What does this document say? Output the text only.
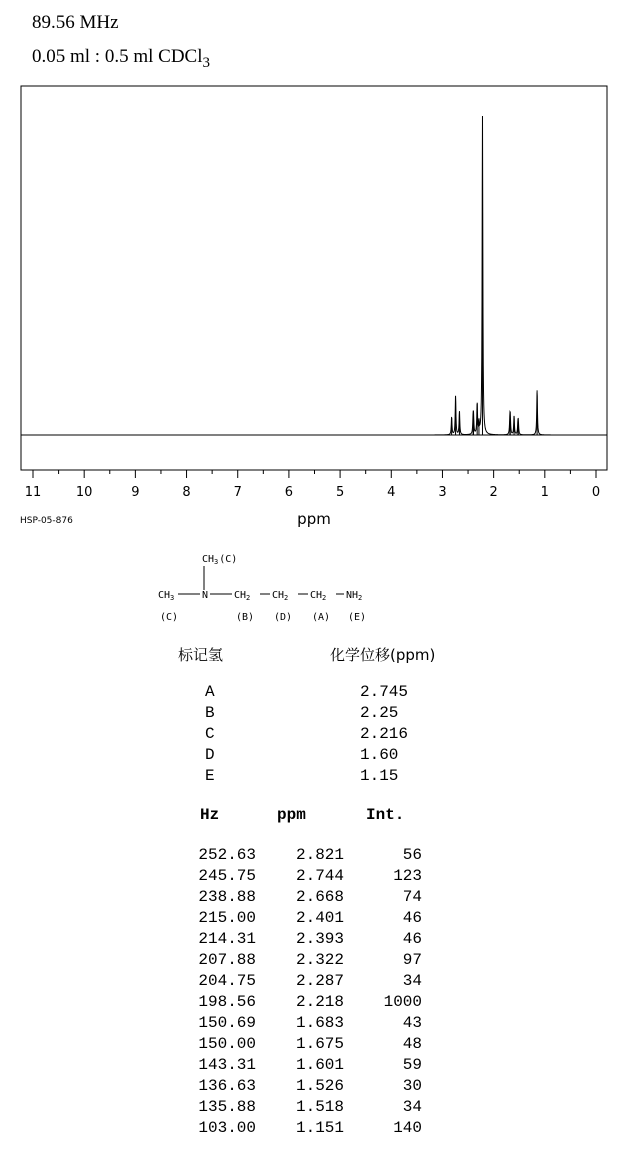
89.56 MHz
0.05 ml : 0.5 ml CDCl$_3$
11	10	9	8	7	6	5	4	3	2	1	0
ppm
HSP-05-876
$CH_3(C)$
$CH_3$
(C)
N	$CH_2$
(B)
$CH_2$
(D)
$CH_2$
(A)
$NH_2$
(E)
标记氢	化学位移(ppm)
A	2.745
B	2.25
C	2.216
D	1.60
E	1.15
Hz	ppm	Int.
252.63 2.821	56
245.75 2.744	123
238.88 2.668	74
215.00 2.401	46
214.31 2.393	46
207.88 2.322	97
204.75 2.287	34
198.56 2.218 1000
150.69 1.683	43
150.00 1.675	48
143.31 1.601	59
136.63 1.526	30
135.88 1.518	34
103.00 1.151	140
